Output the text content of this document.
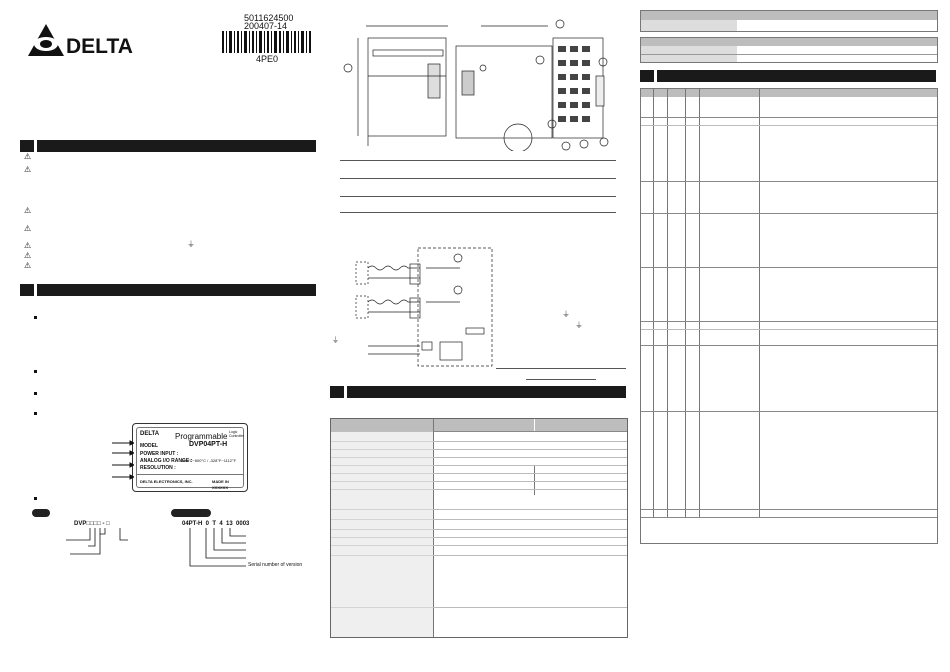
DELTA
5011624500
200407-14
4PE0
⚠
⚠
⚠
⚠
⚠
⚠
⚠
⏚
DELTA Programmable Logic Controller
MODEL	DVP04PT-H
POWER INPUT :
ANALOG I/O RANGE :
-200°C~600°C / -328°F~1112°F
RESOLUTION :
DELTA ELECTRONICS, INC.	MADE IN XXXXXX
DVP□□□□ - □	04PT-H  0  T  4  13  0003
Serial number of version
⏚
⏚
⏚
